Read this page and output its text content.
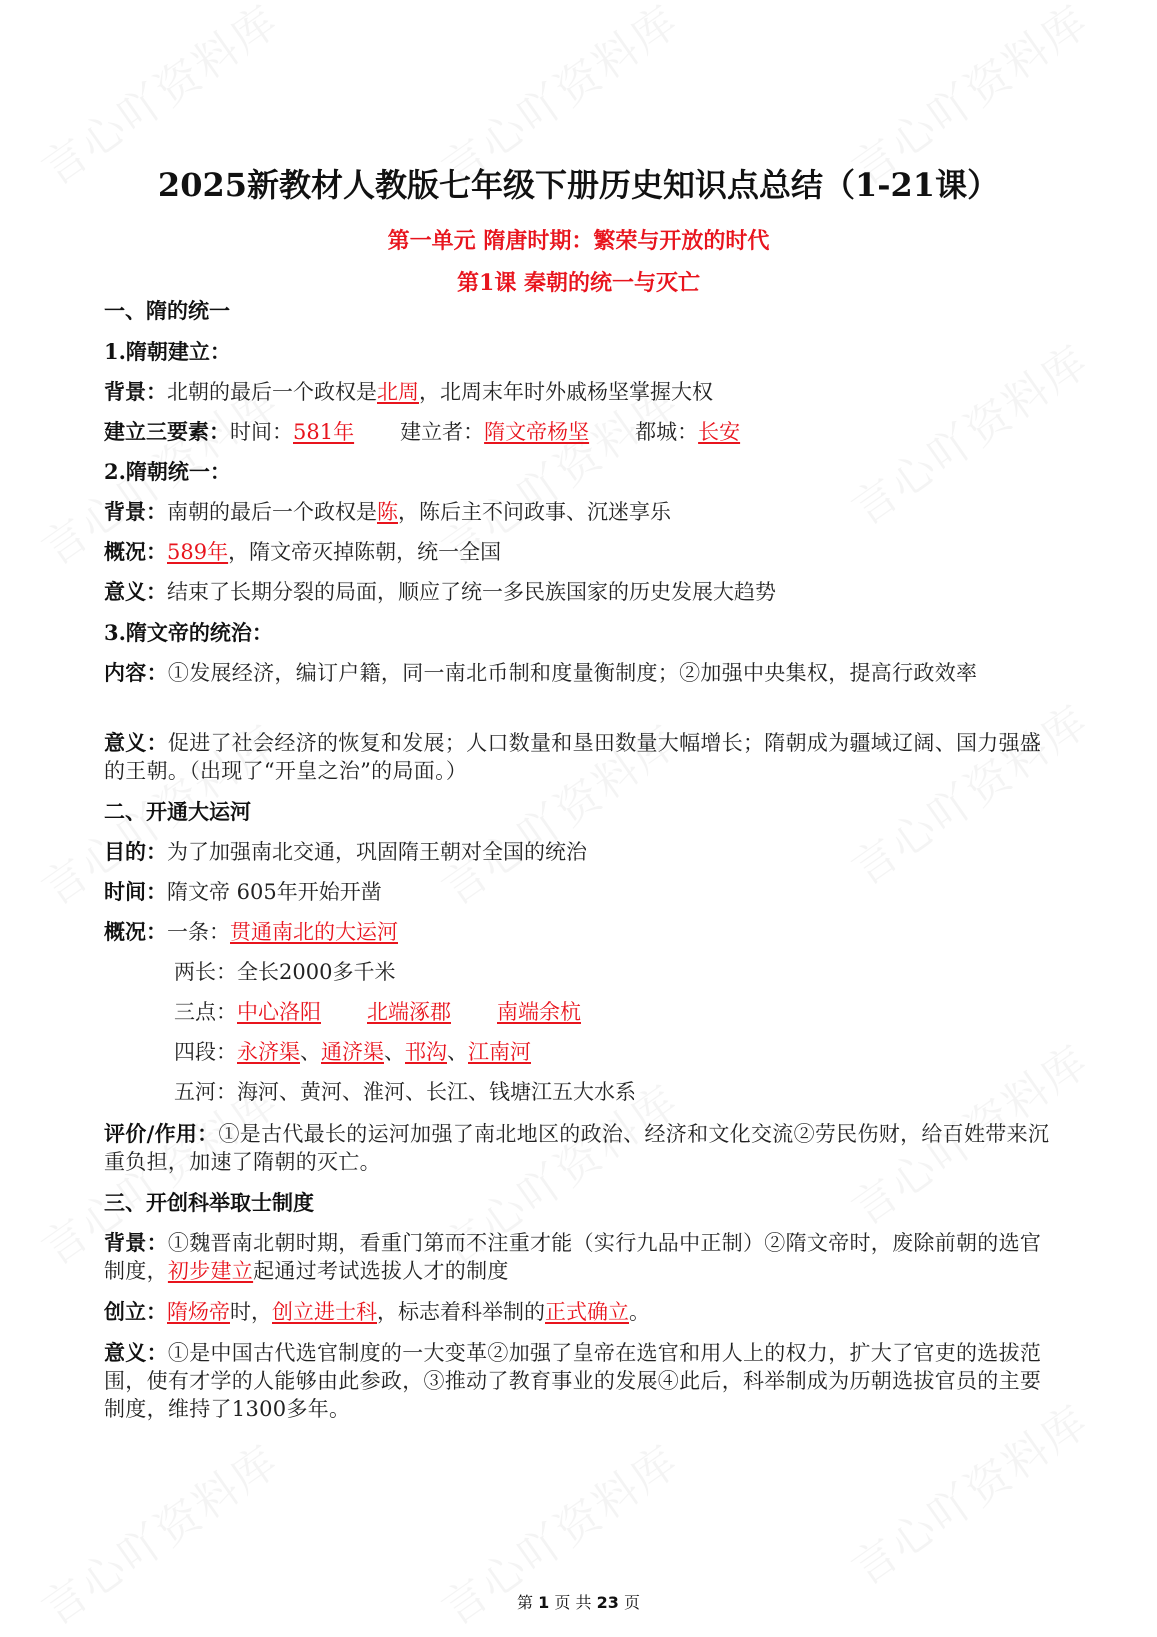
2025新教材人教版七年级下册历史知识点总结（1-21课）
第一单元 隋唐时期：繁荣与开放的时代
第1课 秦朝的统一与灭亡
一、隋的统一
1.隋朝建立：
背景：北朝的最后一个政权是北周，北周末年时外戚杨坚掌握大权
建立三要素：时间：581年 建立者：隋文帝杨坚 都城：长安
2.隋朝统一：
背景：南朝的最后一个政权是陈，陈后主不问政事、沉迷享乐
概况：589年，隋文帝灭掉陈朝，统一全国
意义：结束了长期分裂的局面，顺应了统一多民族国家的历史发展大趋势
3.隋文帝的统治：
内容：①发展经济，编订户籍，同一南北币制和度量衡制度；②加强中央集权，提高行政效率
意义：促进了社会经济的恢复和发展；人口数量和垦田数量大幅增长；隋朝成为疆域辽阔、国力强盛的王朝。（出现了“开皇之治”的局面。）
二、开通大运河
目的：为了加强南北交通，巩固隋王朝对全国的统治
时间：隋文帝 605年开始开凿
概况：一条：贯通南北的大运河
两长：全长2000多千米
三点：中心洛阳 北端涿郡 南端余杭
四段：永济渠、通济渠、邗沟、江南河
五河：海河、黄河、淮河、长江、钱塘江五大水系
评价/作用：①是古代最长的运河加强了南北地区的政治、经济和文化交流②劳民伤财，给百姓带来沉重负担，加速了隋朝的灭亡。
三、开创科举取士制度
背景：①魏晋南北朝时期，看重门第而不注重才能（实行九品中正制）②隋文帝时，废除前朝的选官制度，初步建立起通过考试选拔人才的制度
创立：隋炀帝时，创立进士科，标志着科举制的正式确立。
意义：①是中国古代选官制度的一大变革②加强了皇帝在选官和用人上的权力，扩大了官吏的选拔范围，使有才学的人能够由此参政，③推动了教育事业的发展④此后，科举制成为历朝选拔官员的主要制度，维持了1300多年。
第 1 页 共 23 页
